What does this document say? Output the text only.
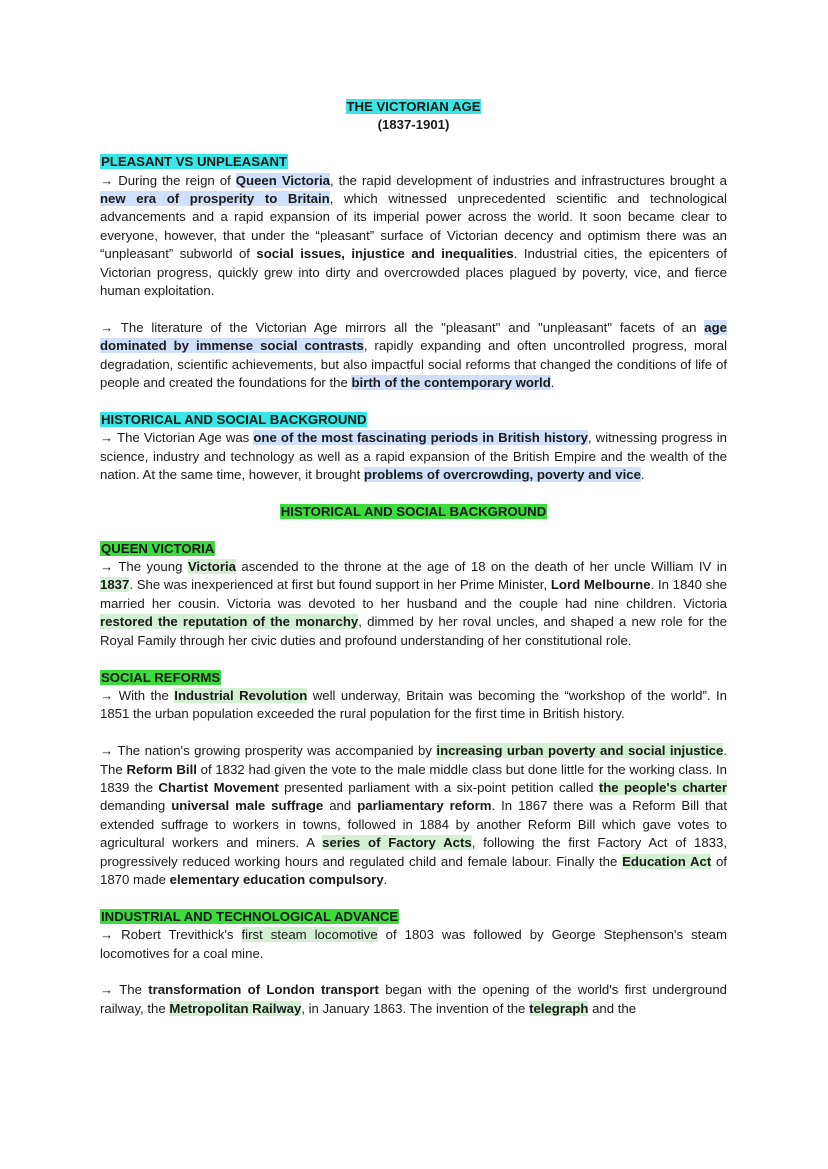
THE VICTORIAN AGE
(1837-1901)
PLEASANT VS UNPLEASANT

→ During the reign of Queen Victoria, the rapid development of industries and infrastructures brought a new era of prosperity to Britain, which witnessed unprecedented scientific and technological advancements and a rapid expansion of its imperial power across the world. It soon became clear to everyone, however, that under the “pleasant” surface of Victorian decency and optimism there was an “unpleasant” subworld of social issues, injustice and inequalities. Industrial cities, the epicenters of Victorian progress, quickly grew into dirty and overcrowded places plagued by poverty, vice, and fierce human exploitation.

→ The literature of the Victorian Age mirrors all the "pleasant" and "unpleasant" facets of an age dominated by immense social contrasts, rapidly expanding and often uncontrolled progress, moral degradation, scientific achievements, but also impactful social reforms that changed the conditions of life of people and created the foundations for the birth of the contemporary world.

HISTORICAL AND SOCIAL BACKGROUND

→ The Victorian Age was one of the most fascinating periods in British history, witnessing progress in science, industry and technology as well as a rapid expansion of the British Empire and the wealth of the nation. At the same time, however, it brought problems of overcrowding, poverty and vice.

HISTORICAL AND SOCIAL BACKGROUND
QUEEN VICTORIA

→ The young Victoria ascended to the throne at the age of 18 on the death of her uncle William IV in 1837. She was inexperienced at first but found support in her Prime Minister, Lord Melbourne. In 1840 she married her cousin. Victoria was devoted to her husband and the couple had nine children. Victoria restored the reputation of the monarchy, dimmed by her roval uncles, and shaped a new role for the Royal Family through her civic duties and profound understanding of her constitutional role.

SOCIAL REFORMS

→ With the Industrial Revolution well underway, Britain was becoming the “workshop of the world”. In 1851 the urban population exceeded the rural population for the first time in British history.

→ The nation's growing prosperity was accompanied by increasing urban poverty and social injustice. The Reform Bill of 1832 had given the vote to the male middle class but done little for the working class. In 1839 the Chartist Movement presented parliament with a six-point petition called the people's charter demanding universal male suffrage and parliamentary reform. In 1867 there was a Reform Bill that extended suffrage to workers in towns, followed in 1884 by another Reform Bill which gave votes to agricultural workers and miners. A series of Factory Acts, following the first Factory Act of 1833, progressively reduced working hours and regulated child and female labour. Finally the Education Act of 1870 made elementary education compulsory.

INDUSTRIAL AND TECHNOLOGICAL ADVANCE

→ Robert Trevithick's first steam locomotive of 1803 was followed by George Stephenson's steam locomotives for a coal mine.

→ The transformation of London transport began with the opening of the world's first underground railway, the Metropolitan Railway, in January 1863. The invention of the telegraph and the
